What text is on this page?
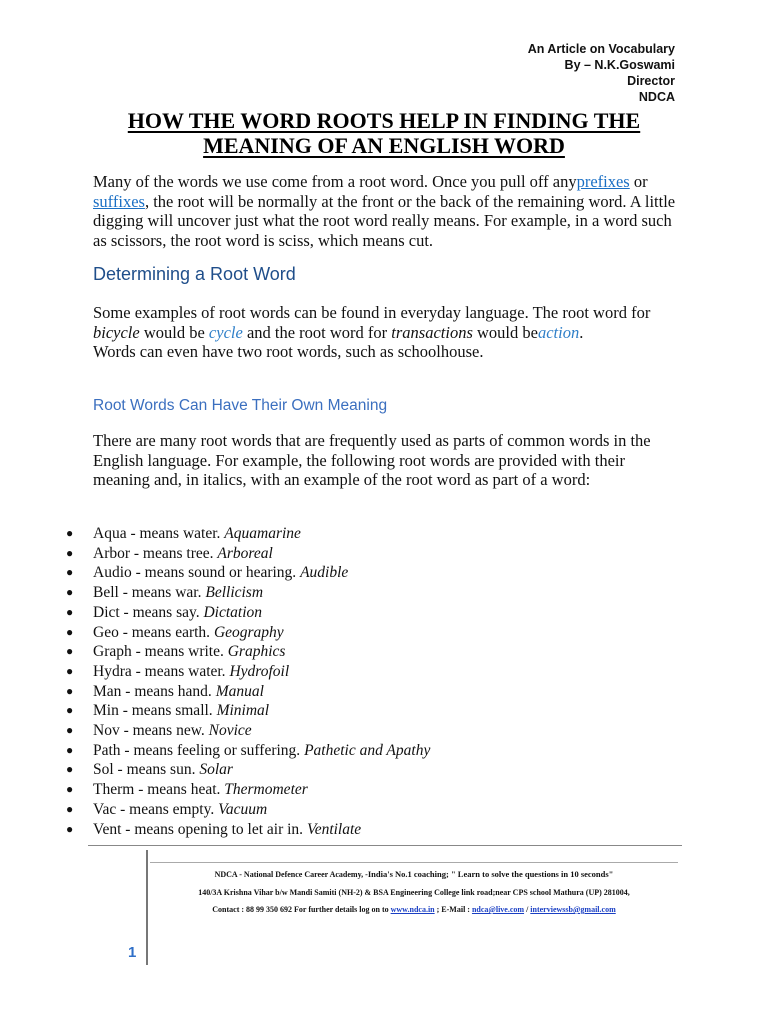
An Article on Vocabulary
By – N.K.Goswami
Director
NDCA
HOW THE WORD ROOTS HELP IN FINDING THE
MEANING OF AN ENGLISH WORD
Many of the words we use come from a root word. Once you pull off anyprefixes or suffixes, the root will be normally at the front or the back of the remaining word. A little digging will uncover just what the root word really means. For example, in a word such as scissors, the root word is sciss, which means cut.
Determining a Root Word
Some examples of root words can be found in everyday language. The root word for bicycle would be cycle and the root word for transactions would beaction.
Words can even have two root words, such as schoolhouse.
Root Words Can Have Their Own Meaning
There are many root words that are frequently used as parts of common words in the English language. For example, the following root words are provided with their meaning and, in italics, with an example of the root word as part of a word:
● Aqua - means water. Aquamarine
● Arbor - means tree. Arboreal
● Audio - means sound or hearing. Audible
● Bell - means war. Bellicism
● Dict - means say. Dictation
● Geo - means earth. Geography
● Graph - means write. Graphics
● Hydra - means water. Hydrofoil
● Man - means hand. Manual
● Min - means small. Minimal
● Nov - means new. Novice
● Path - means feeling or suffering. Pathetic and Apathy
● Sol - means sun. Solar
● Therm - means heat. Thermometer
● Vac - means empty. Vacuum
● Vent - means opening to let air in. Ventilate
NDCA - National Defence Career Academy, -India's No.1 coaching; " Learn to solve the questions in 10 seconds"
140/3A Krishna Vihar b/w Mandi Samiti (NH-2) & BSA Engineering College link road;near CPS school Mathura (UP) 281004,
Contact : 88 99 350 692 For further details log on to www.ndca.in ; E-Mail : ndca@live.com / interviewssb@gmail.com
1
